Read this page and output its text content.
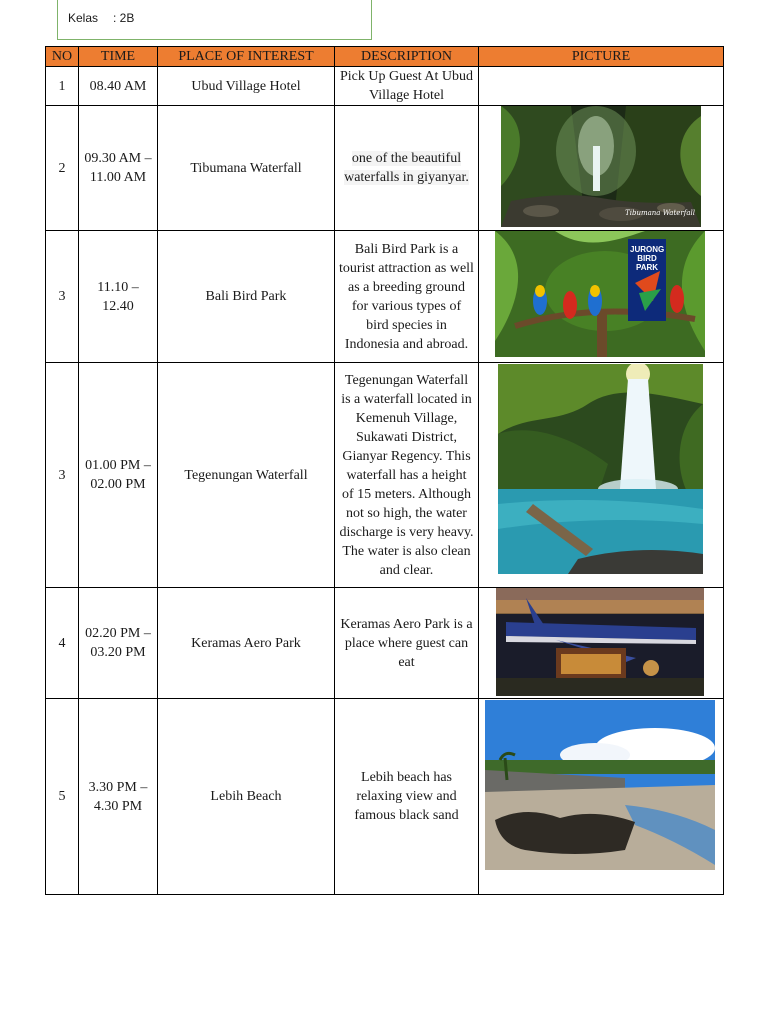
Kelas : 2B
NO	TIME	PLACE OF INTEREST	DESCRIPTION	PICTURE
1	08.40 AM	Ubud Village Hotel	Pick Up Guest At Ubud Village Hotel	
2	09.30 AM – 11.00 AM	Tibumana Waterfall	one of the beautiful waterfalls in giyanyar.	Tibumana Waterfall

3	11.10 – 12.40	Bali Bird Park	Bali Bird Park is a tourist attraction as well as a breeding ground for various types of bird species in Indonesia and abroad.	JURONG BIRD PARK

3	01.00 PM – 02.00 PM	Tegenungan Waterfall	Tegenungan Waterfall is a waterfall located in Kemenuh Village, Sukawati District, Gianyar Regency. This waterfall has a height of 15 meters. Although not so high, the water discharge is very heavy. The water is also clean and clear.	

4	02.20 PM – 03.20 PM	Keramas Aero Park	Keramas Aero Park is a place where guest can eat	

5	3.30 PM – 4.30 PM	Lebih Beach	Lebih beach has relaxing view and famous black sand	
